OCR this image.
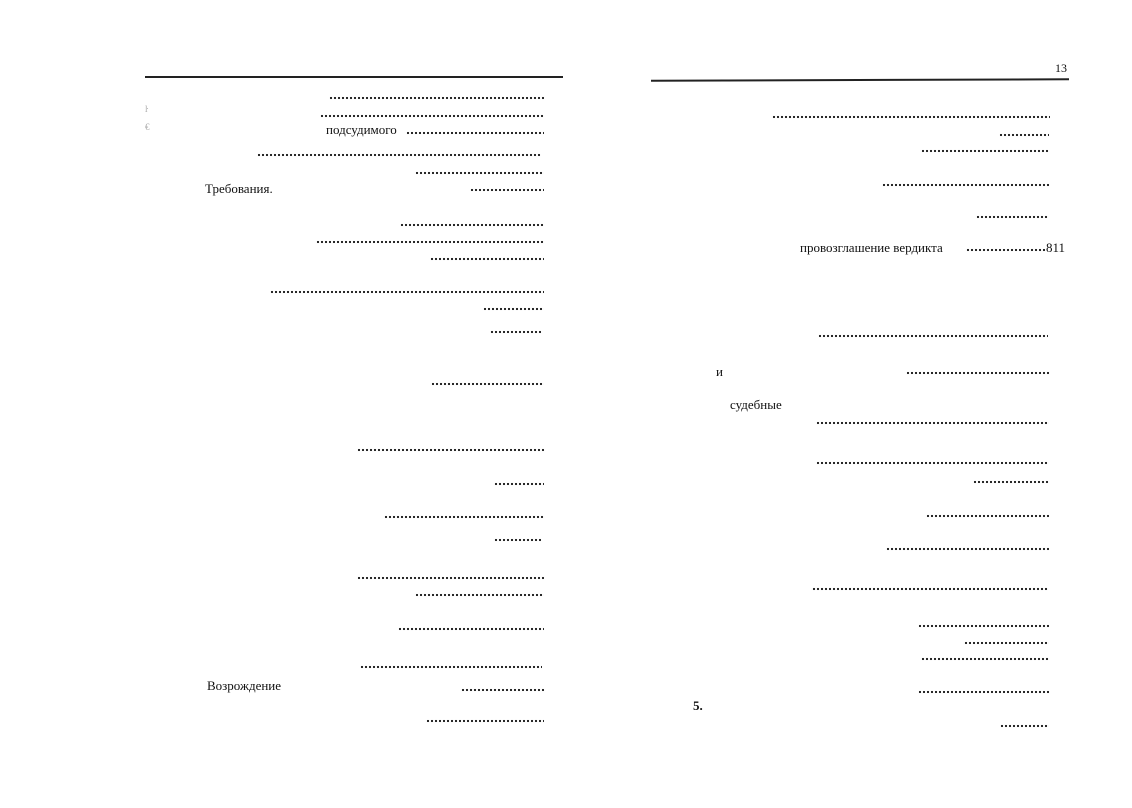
ŀ
€	подсудимого
Требования.
Возрождение
13
провозглашение вердикта	811
и
судебные
5.
